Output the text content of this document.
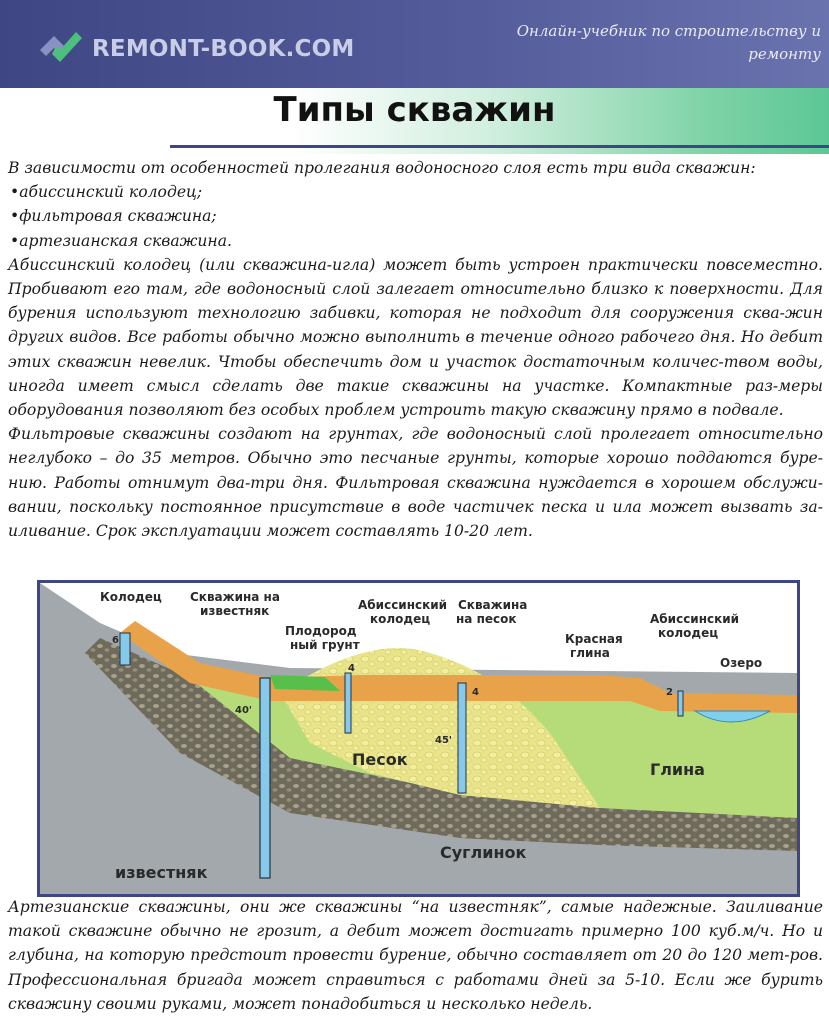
REMONT-BOOK.COM
Онлайн-учебник по строительству и
ремонту
Типы скважин

В зависимости от особенностей пролегания водоносного слоя есть три вида скважин:

•абиссинский колодец;

•фильтровая скважина;

•артезианская скважина.

Абиссинский колодец (или скважина-игла) может быть устроен практически повсеместно. Пробивают его там, где водоносный слой залегает относительно близко к поверхности. Для бурения используют технологию забивки, которая не подходит для сооружения сква-жин других видов. Все работы обычно можно выполнить в течение одного рабочего дня. Но дебит этих скважин невелик. Чтобы обеспечить дом и участок достаточным количес-твом воды, иногда имеет смысл сделать две такие скважины на участке. Компактные раз-меры оборудования позволяют без особых проблем устроить такую скважину прямо в подвале.

Фильтровые скважины создают на грунтах, где водоносный слой пролегает относительно неглубоко – до 35 метров. Обычно это песчаные грунты, которые хорошо поддаются буре-нию. Работы отнимут два-три дня. Фильтровая скважина нуждается в хорошем обслужи-вании, поскольку постоянное присутствие в воде частичек песка и ила может вызвать за-иливание. Срок эксплуатации может составлять 10-20 лет.

Колодец Скважина на
известняк
Плодород
ный грунт
Абиссинский
колодец
Скважина
на песок
Красная
глина
Абиссинский
колодец
Озеро
Песок
Глина
Суглинок
известняк
4
4
6
2
40'
45'

Артезианские скважины, они же скважины “на известняк”, самые надежные. Заиливание такой скважине обычно не грозит, а дебит может достигать примерно 100 куб.м/ч. Но и глубина, на которую предстоит провести бурение, обычно составляет от 20 до 120 мет-ров. Профессиональная бригада может справиться с работами дней за 5-10. Если же бурить скважину своими руками, может понадобиться и несколько недель.
